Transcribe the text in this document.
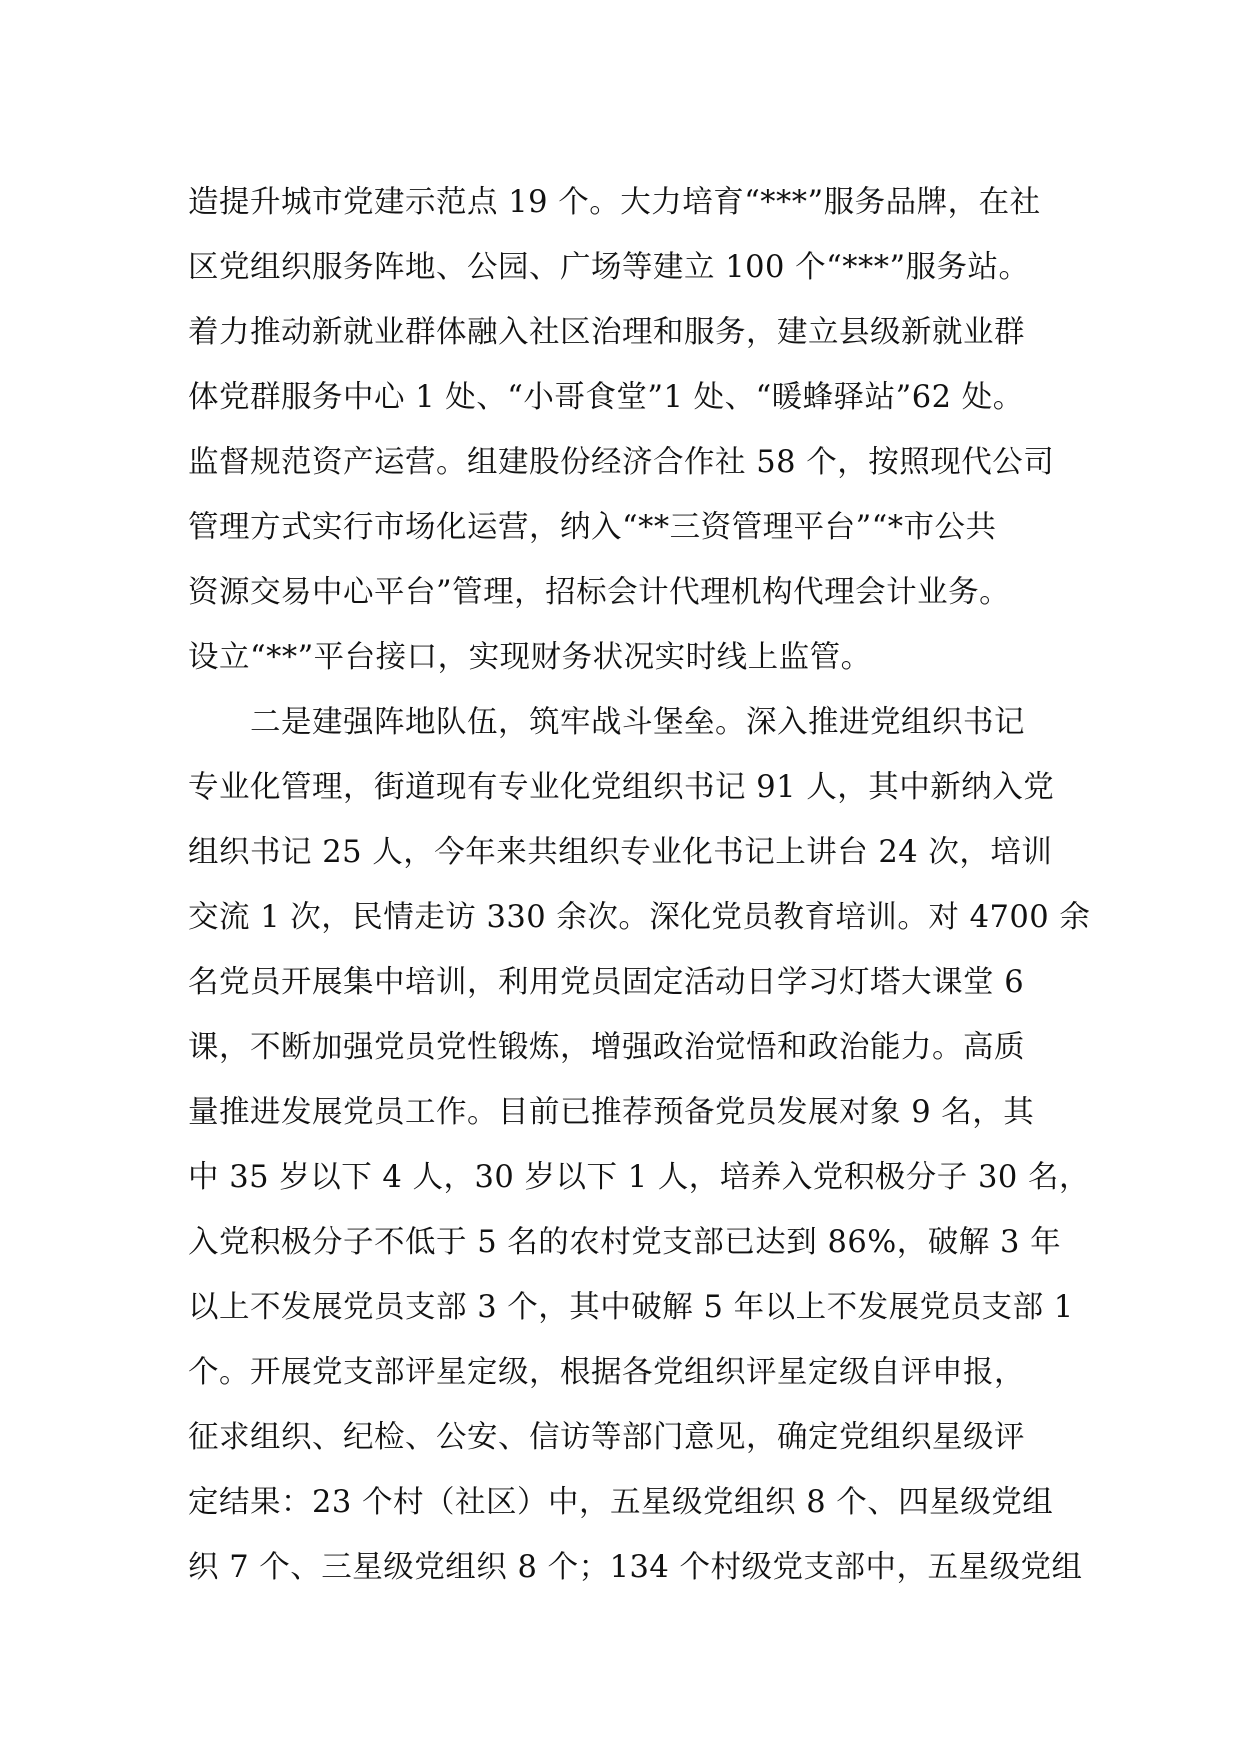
造提升城市党建示范点 19 个。大力培育“***”服务品牌，在社
区党组织服务阵地、公园、广场等建立 100 个“***”服务站。
着力推动新就业群体融入社区治理和服务，建立县级新就业群
体党群服务中心 1 处、“小哥食堂”1 处、“暖蜂驿站”62 处。
监督规范资产运营。组建股份经济合作社 58 个，按照现代公司
管理方式实行市场化运营，纳入“**三资管理平台”“*市公共
资源交易中心平台”管理，招标会计代理机构代理会计业务。
设立“**”平台接口，实现财务状况实时线上监管。
二是建强阵地队伍，筑牢战斗堡垒。深入推进党组织书记
专业化管理，街道现有专业化党组织书记 91 人，其中新纳入党
组织书记 25 人，今年来共组织专业化书记上讲台 24 次，培训
交流 1 次，民情走访 330 余次。深化党员教育培训。对 4700 余
名党员开展集中培训，利用党员固定活动日学习灯塔大课堂 6
课，不断加强党员党性锻炼，增强政治觉悟和政治能力。高质
量推进发展党员工作。目前已推荐预备党员发展对象 9 名，其
中 35 岁以下 4 人，30 岁以下 1 人，培养入党积极分子 30 名，
入党积极分子不低于 5 名的农村党支部已达到 86%，破解 3 年
以上不发展党员支部 3 个，其中破解 5 年以上不发展党员支部 1
个。开展党支部评星定级，根据各党组织评星定级自评申报，
征求组织、纪检、公安、信访等部门意见，确定党组织星级评
定结果：23 个村（社区）中，五星级党组织 8 个、四星级党组
织 7 个、三星级党组织 8 个；134 个村级党支部中，五星级党组
